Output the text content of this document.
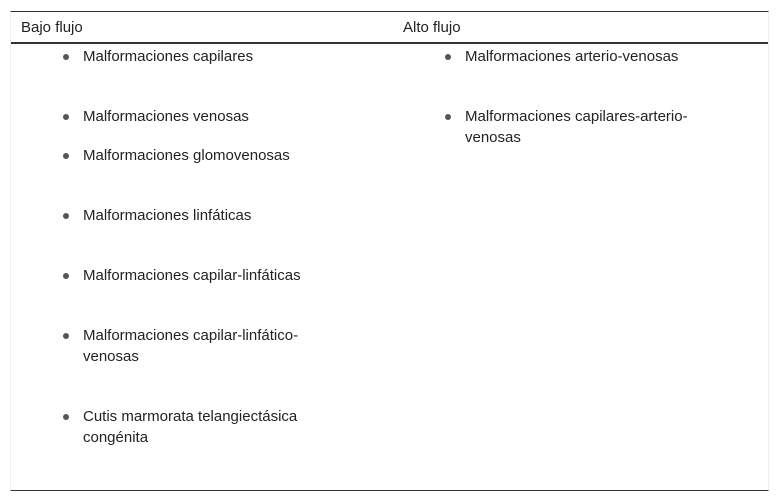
Bajo flujo	Alto flujo
Malformaciones capilares
Malformaciones venosas
Malformaciones glomovenosas
Malformaciones linfáticas
Malformaciones capilar-linfáticas
Malformaciones capilar-linfático-venosas
Cutis marmorata telangiectásica congénita
Malformaciones arterio-venosas
Malformaciones capilares-arterio-venosas
